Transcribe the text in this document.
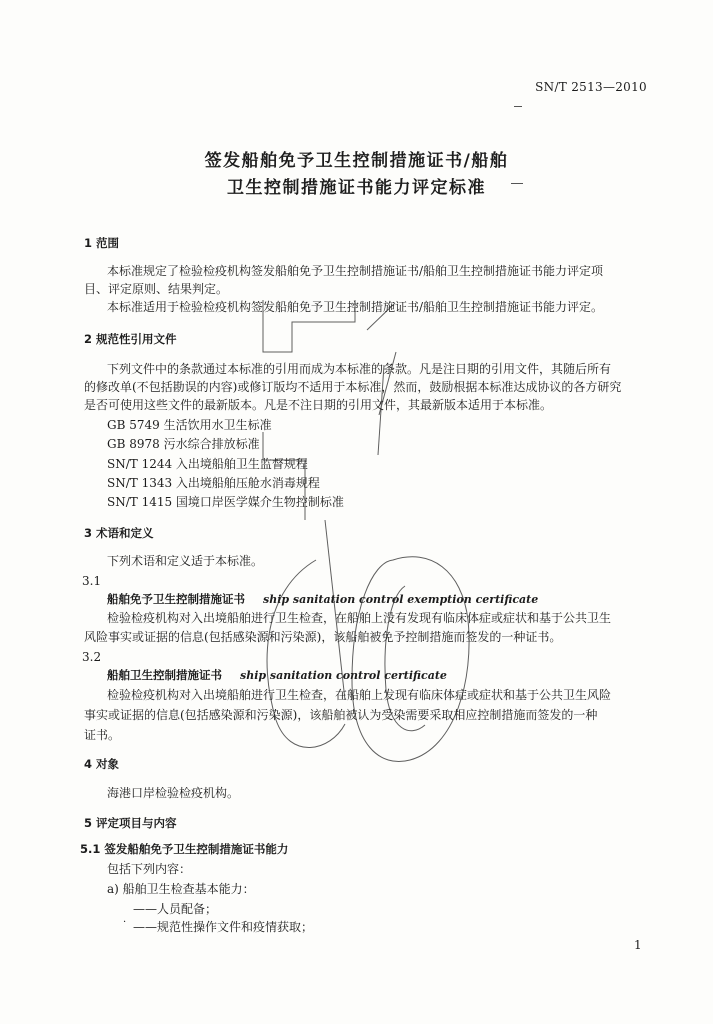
SN/T 2513—2010
签发船舶免予卫生控制措施证书/船舶
卫生控制措施证书能力评定标准
1 范围
本标准规定了检验检疫机构签发船舶免予卫生控制措施证书/船舶卫生控制措施证书能力评定项
目、评定原则、结果判定。
本标准适用于检验检疫机构签发船舶免予卫生控制措施证书/船舶卫生控制措施证书能力评定。
2 规范性引用文件
下列文件中的条款通过本标准的引用而成为本标准的条款。凡是注日期的引用文件，其随后所有
的修改单(不包括勘误的内容)或修订版均不适用于本标准，然而，鼓励根据本标准达成协议的各方研究
是否可使用这些文件的最新版本。凡是不注日期的引用文件，其最新版本适用于本标准。
GB 5749 生活饮用水卫生标准
GB 8978 污水综合排放标准
SN/T 1244 入出境船舶卫生监督规程
SN/T 1343 入出境船舶压舱水消毒规程
SN/T 1415 国境口岸医学媒介生物控制标准
3 术语和定义
下列术语和定义适于本标准。
3.1
船舶免予卫生控制措施证书 ship sanitation control exemption certificate
检验检疫机构对入出境船舶进行卫生检查，在船舶上没有发现有临床体症或症状和基于公共卫生
风险事实或证据的信息(包括感染源和污染源)，该船舶被免予控制措施而签发的一种证书。
3.2
船舶卫生控制措施证书 ship sanitation control certificate
检验检疫机构对入出境船舶进行卫生检查，在船舶上发现有临床体症或症状和基于公共卫生风险
事实或证据的信息(包括感染源和污染源)，该船舶被认为受染需要采取相应控制措施而签发的一种
证书。
4 对象
海港口岸检验检疫机构。
5 评定项目与内容
5.1 签发船舶免予卫生控制措施证书能力
包括下列内容：
a) 船舶卫生检查基本能力：
——人员配备；
——规范性操作文件和疫情获取；
·
1
